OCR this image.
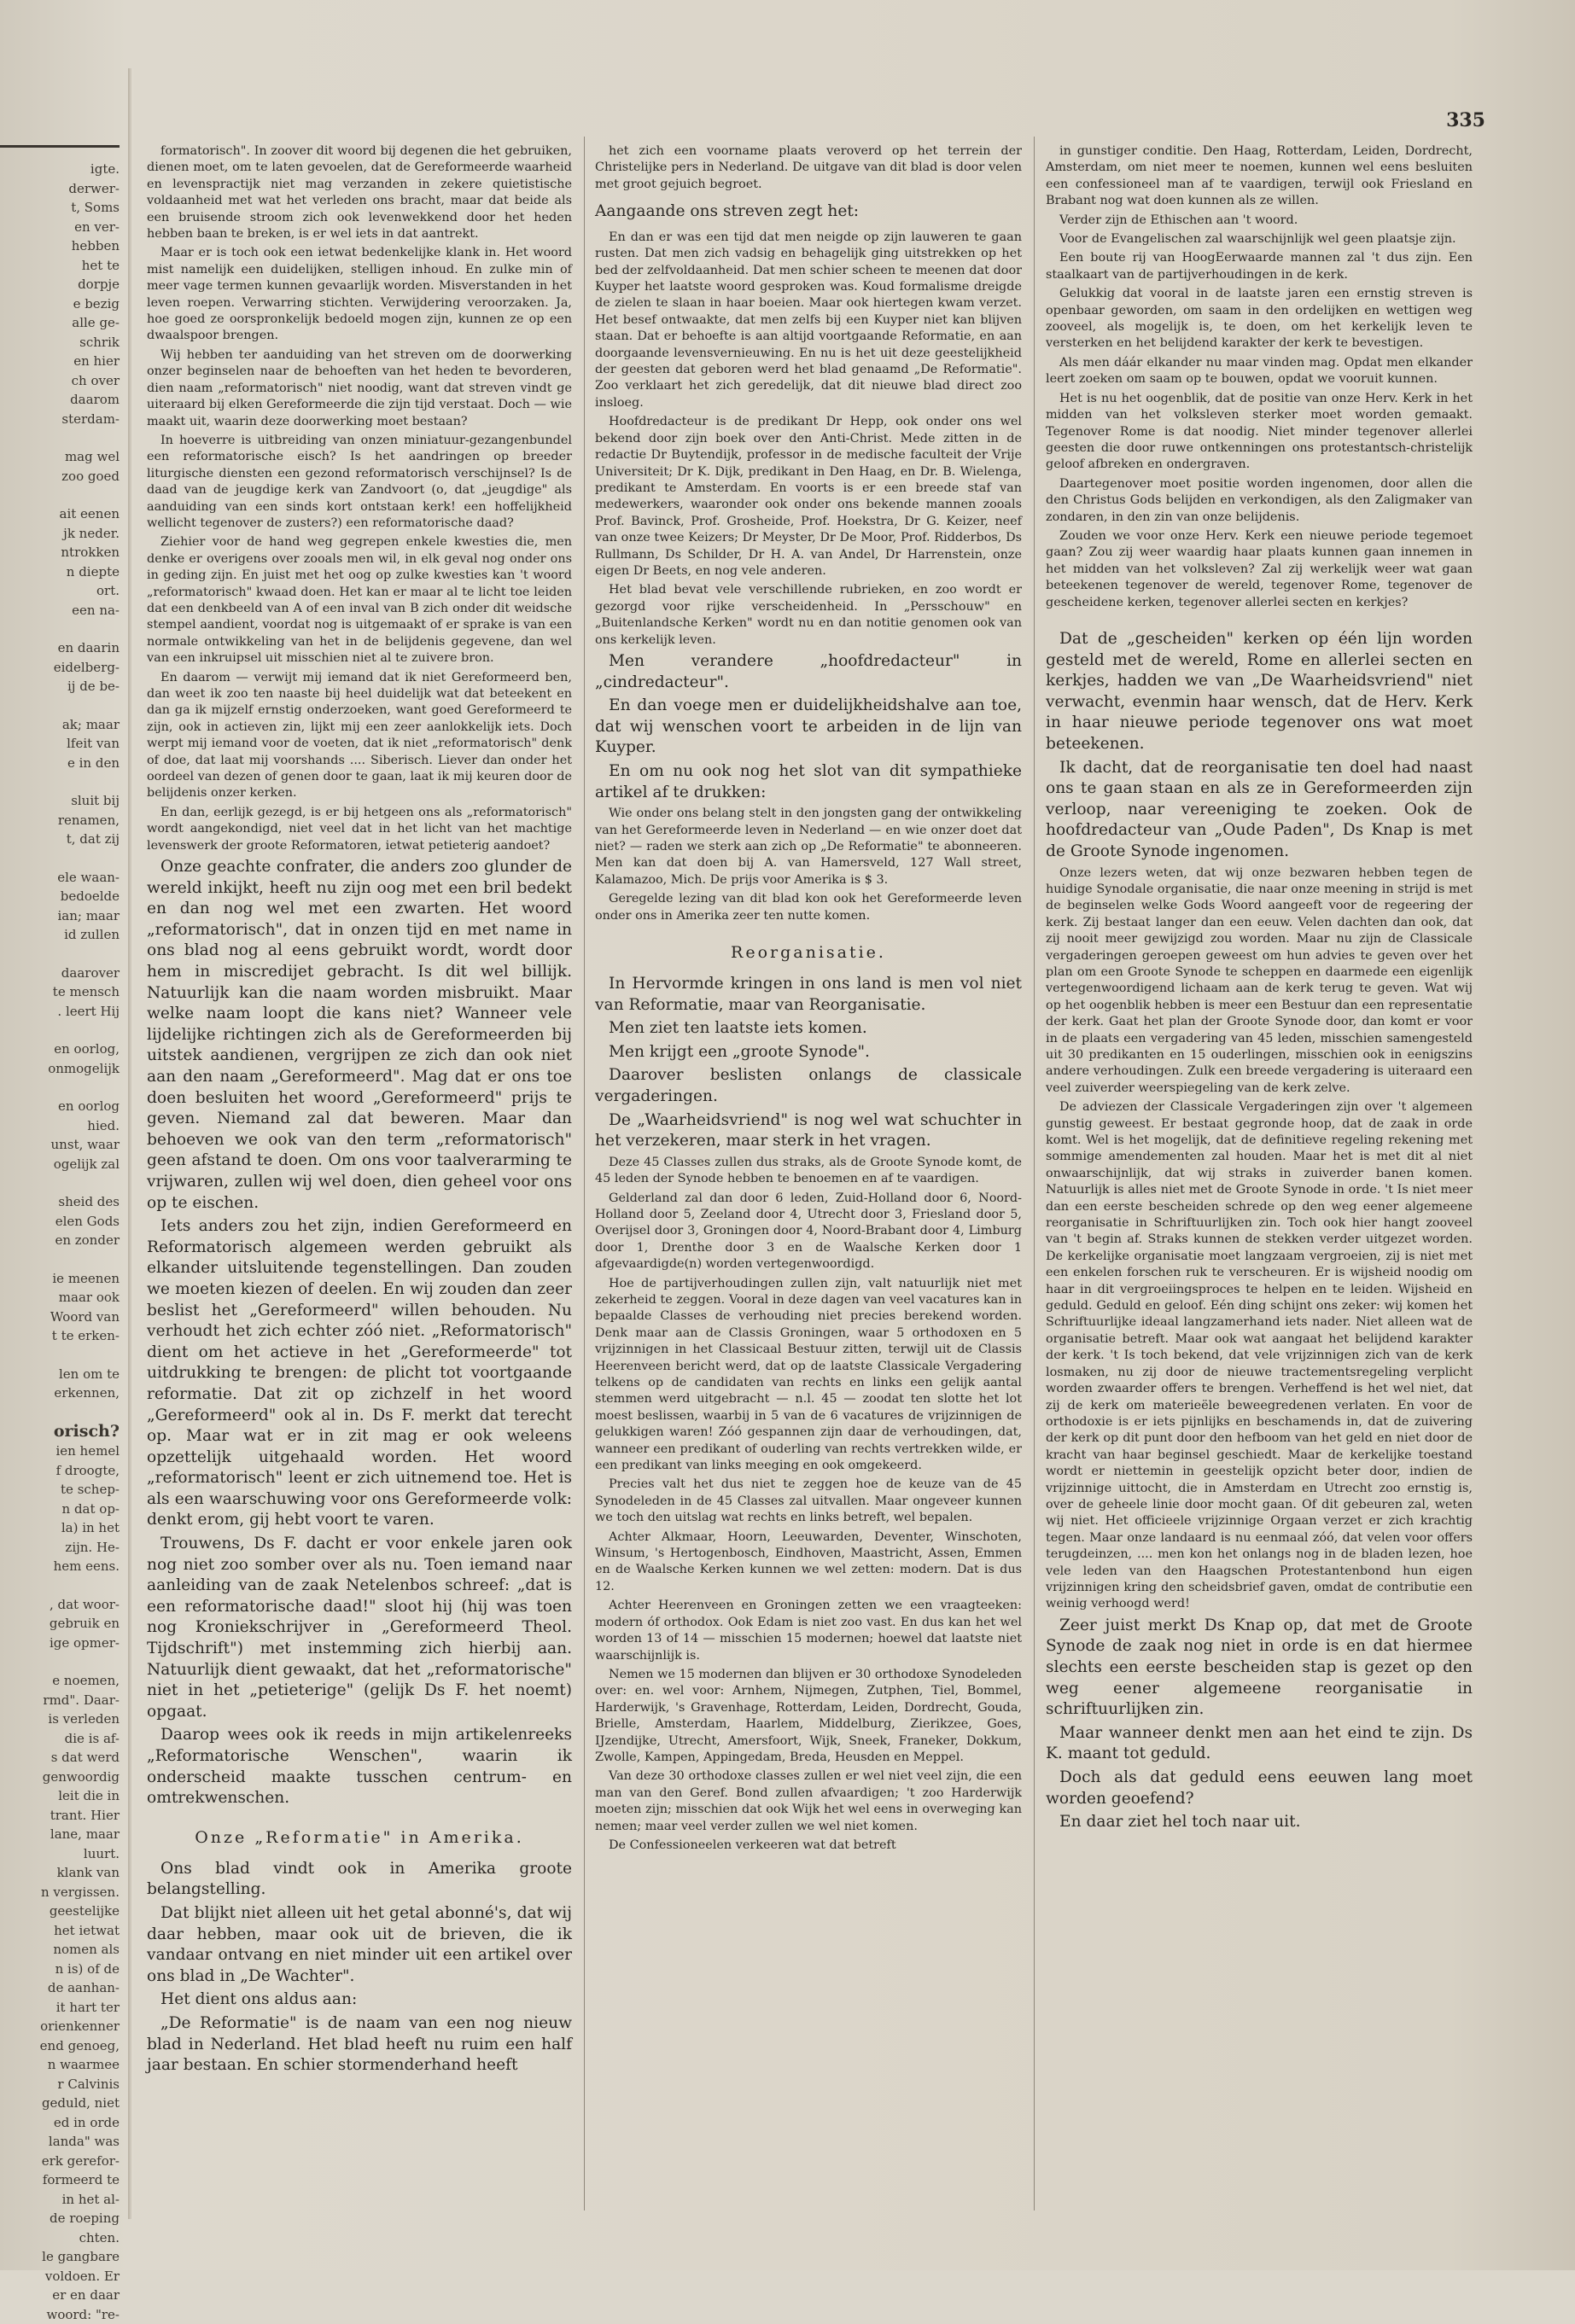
igte.
derwer-
t, Soms
en ver-
hebben
het te
dorpje
e bezig
alle ge-
schrik
en hier
ch over
daarom
sterdam-
mag wel
zoo goed
ait eenen
jk neder.
ntrokken
n diepte
ort.
een na-
en daarin
eidelberg-
ij de be-
ak; maar
lfeit van
e in den
sluit bij
renamen,
t, dat zij
ele waan-
bedoelde
ian; maar
id zullen
daarover
te mensch
. leert Hij
en oorlog,
onmogelijk
en oorlog
hied.
unst, waar
ogelijk zal
sheid des
elen Gods
en zonder
ie meenen
maar ook
Woord van
t te erken-
len om te
erkennen,
orisch?
ien hemel
f droogte,
te schep-
n dat op-
la) in het
zijn. He-
hem eens.
, dat woor-
gebruik en
ige opmer-
e noemen,
rmd". Daar-
is verleden
die is af-
s dat werd
genwoordig
leit die in
trant. Hier
lane, maar
luurt.
klank van
n vergissen.
geestelijke
het ietwat
nomen als
n is) of de
de aanhan-
it hart ter
orienkenner
end genoeg,
n waarmee
r Calvinis
geduld, niet
ed in orde
landa" was
erk gerefor-
formeerd te
in het al-
de roeping
chten.
le gangbare
voldoen. Er
er en daar
woord: "re-
335

formatorisch". In zoover dit woord bij degenen die het gebruiken, dienen moet, om te laten gevoelen, dat de Gereformeerde waarheid en levenspractijk niet mag verzanden in zekere quietistische voldaanheid met wat het verleden ons bracht, maar dat beide als een bruisende stroom zich ook levenwekkend door het heden hebben baan te breken, is er wel iets in dat aantrekt.

Maar er is toch ook een ietwat bedenkelijke klank in. Het woord mist namelijk een duidelijken, stelligen inhoud. En zulke min of meer vage termen kunnen gevaarlijk worden. Misverstanden in het leven roepen. Verwarring stichten. Verwijdering veroorzaken. Ja, hoe goed ze oorspronkelijk bedoeld mogen zijn, kunnen ze op een dwaalspoor brengen.

Wij hebben ter aanduiding van het streven om de doorwerking onzer beginselen naar de behoeften van het heden te bevorderen, dien naam „reformatorisch" niet noodig, want dat streven vindt ge uiteraard bij elken Gereformeerde die zijn tijd verstaat. Doch — wie maakt uit, waarin deze doorwerking moet bestaan?

In hoeverre is uitbreiding van onzen miniatuur-gezangenbundel een reformatorische eisch? Is het aandringen op breeder liturgische diensten een gezond reformatorisch verschijnsel? Is de daad van de jeugdige kerk van Zandvoort (o, dat „jeugdige" als aanduiding van een sinds kort ontstaan kerk! een hoffelijkheid wellicht tegenover de zusters?) een reformatorische daad?

Ziehier voor de hand weg gegrepen enkele kwesties die, men denke er overigens over zooals men wil, in elk geval nog onder ons in geding zijn. En juist met het oog op zulke kwesties kan 't woord „reformatorisch" kwaad doen. Het kan er maar al te licht toe leiden dat een denkbeeld van A of een inval van B zich onder dit weidsche stempel aandient, voordat nog is uitgemaakt of er sprake is van een normale ontwikkeling van het in de belijdenis gegevene, dan wel van een inkruipsel uit misschien niet al te zuivere bron.

En daarom — verwijt mij iemand dat ik niet Gereformeerd ben, dan weet ik zoo ten naaste bij heel duidelijk wat dat beteekent en dan ga ik mijzelf ernstig onderzoeken, want goed Gereformeerd te zijn, ook in actieven zin, lijkt mij een zeer aanlokkelijk iets. Doch werpt mij iemand voor de voeten, dat ik niet „reformatorisch" denk of doe, dat laat mij voorshands .... Siberisch. Liever dan onder het oordeel van dezen of genen door te gaan, laat ik mij keuren door de belijdenis onzer kerken.

En dan, eerlijk gezegd, is er bij hetgeen ons als „reformatorisch" wordt aangekondigd, niet veel dat in het licht van het machtige levenswerk der groote Reformatoren, ietwat petieterig aandoet?

Onze geachte confrater, die anders zoo glunder de wereld inkijkt, heeft nu zijn oog met een bril bedekt en dan nog wel met een zwarten. Het woord „reformatorisch", dat in onzen tijd en met name in ons blad nog al eens gebruikt wordt, wordt door hem in miscredijet gebracht. Is dit wel billijk. Natuurlijk kan die naam worden misbruikt. Maar welke naam loopt die kans niet? Wanneer vele lijdelijke richtingen zich als de Gereformeerden bij uitstek aandienen, vergrijpen ze zich dan ook niet aan den naam „Gereformeerd". Mag dat er ons toe doen besluiten het woord „Gereformeerd" prijs te geven. Niemand zal dat beweren. Maar dan behoeven we ook van den term „reformatorisch" geen afstand te doen. Om ons voor taalverarming te vrijwaren, zullen wij wel doen, dien geheel voor ons op te eischen.

Iets anders zou het zijn, indien Gereformeerd en Reformatorisch algemeen werden gebruikt als elkander uitsluitende tegenstellingen. Dan zouden we moeten kiezen of deelen. En wij zouden dan zeer beslist het „Gereformeerd" willen behouden. Nu verhoudt het zich echter zóó niet. „Reformatorisch" dient om het actieve in het „Gereformeerde" tot uitdrukking te brengen: de plicht tot voortgaande reformatie. Dat zit op zichzelf in het woord „Gereformeerd" ook al in. Ds F. merkt dat terecht op. Maar wat er in zit mag er ook weleens opzettelijk uitgehaald worden. Het woord „reformatorisch" leent er zich uitnemend toe. Het is als een waarschuwing voor ons Gereformeerde volk: denkt erom, gij hebt voort te varen.

Trouwens, Ds F. dacht er voor enkele jaren ook nog niet zoo somber over als nu. Toen iemand naar aanleiding van de zaak Netelenbos schreef: „dat is een reformatorische daad!" sloot hij (hij was toen nog Kroniekschrijver in „Gereformeerd Theol. Tijdschrift") met instemming zich hierbij aan. Natuurlijk dient gewaakt, dat het „reformatorische" niet in het „petieterige" (gelijk Ds F. het noemt) opgaat.

Daarop wees ook ik reeds in mijn artikelenreeks „Reformatorische Wenschen", waarin ik onderscheid maakte tusschen centrum- en omtrekwenschen.

Onze „Reformatie" in Amerika.

Ons blad vindt ook in Amerika groote belangstelling.

Dat blijkt niet alleen uit het getal abonné's, dat wij daar hebben, maar ook uit de brieven, die ik vandaar ontvang en niet minder uit een artikel over ons blad in „De Wachter".

Het dient ons aldus aan:

„De Reformatie" is de naam van een nog nieuw blad in Nederland. Het blad heeft nu ruim een half jaar bestaan. En schier stormenderhand heeft

het zich een voorname plaats veroverd op het terrein der Christelijke pers in Nederland. De uitgave van dit blad is door velen met groot gejuich begroet.

Aangaande ons streven zegt het:

En dan er was een tijd dat men neigde op zijn lauweren te gaan rusten. Dat men zich vadsig en behagelijk ging uitstrekken op het bed der zelfvoldaanheid. Dat men schier scheen te meenen dat door Kuyper het laatste woord gesproken was. Koud formalisme dreigde de zielen te slaan in haar boeien. Maar ook hiertegen kwam verzet. Het besef ontwaakte, dat men zelfs bij een Kuyper niet kan blijven staan. Dat er behoefte is aan altijd voortgaande Reformatie, en aan doorgaande levensvernieuwing. En nu is het uit deze geestelijkheid der geesten dat geboren werd het blad genaamd „De Reformatie". Zoo verklaart het zich geredelijk, dat dit nieuwe blad direct zoo insloeg.

Hoofdredacteur is de predikant Dr Hepp, ook onder ons wel bekend door zijn boek over den Anti-Christ. Mede zitten in de redactie Dr Buytendijk, professor in de medische faculteit der Vrije Universiteit; Dr K. Dijk, predikant in Den Haag, en Dr. B. Wielenga, predikant te Amsterdam. En voorts is er een breede staf van medewerkers, waaronder ook onder ons bekende mannen zooals Prof. Bavinck, Prof. Grosheide, Prof. Hoekstra, Dr G. Keizer, neef van onze twee Keizers; Dr Meyster, Dr De Moor, Prof. Ridderbos, Ds Rullmann, Ds Schilder, Dr H. A. van Andel, Dr Harrenstein, onze eigen Dr Beets, en nog vele anderen.

Het blad bevat vele verschillende rubrieken, en zoo wordt er gezorgd voor rijke verscheidenheid. In „Persschouw" en „Buitenlandsche Kerken" wordt nu en dan notitie genomen ook van ons kerkelijk leven.

Men verandere „hoofdredacteur" in „cindredacteur".

En dan voege men er duidelijkheidshalve aan toe, dat wij wenschen voort te arbeiden in de lijn van Kuyper.

En om nu ook nog het slot van dit sympathieke artikel af te drukken:

Wie onder ons belang stelt in den jongsten gang der ontwikkeling van het Gereformeerde leven in Nederland — en wie onzer doet dat niet? — raden we sterk aan zich op „De Reformatie" te abonneeren. Men kan dat doen bij A. van Hamersveld, 127 Wall street, Kalamazoo, Mich. De prijs voor Amerika is $ 3.

Geregelde lezing van dit blad kon ook het Gereformeerde leven onder ons in Amerika zeer ten nutte komen.

Reorganisatie.

In Hervormde kringen in ons land is men vol niet van Reformatie, maar van Reorganisatie.

Men ziet ten laatste iets komen.

Men krijgt een „groote Synode".

Daarover beslisten onlangs de classicale vergaderingen.

De „Waarheidsvriend" is nog wel wat schuchter in het verzekeren, maar sterk in het vragen.

Deze 45 Classes zullen dus straks, als de Groote Synode komt, de 45 leden der Synode hebben te benoemen en af te vaardigen.

Gelderland zal dan door 6 leden, Zuid-Holland door 6, Noord-Holland door 5, Zeeland door 4, Utrecht door 3, Friesland door 5, Overijsel door 3, Groningen door 4, Noord-Brabant door 4, Limburg door 1, Drenthe door 3 en de Waalsche Kerken door 1 afgevaardigde(n) worden vertegenwoordigd.

Hoe de partijverhoudingen zullen zijn, valt natuurlijk niet met zekerheid te zeggen. Vooral in deze dagen van veel vacatures kan in bepaalde Classes de verhouding niet precies berekend worden. Denk maar aan de Classis Groningen, waar 5 orthodoxen en 5 vrijzinnigen in het Classicaal Bestuur zitten, terwijl uit de Classis Heerenveen bericht werd, dat op de laatste Classicale Vergadering telkens op de candidaten van rechts en links een gelijk aantal stemmen werd uitgebracht — n.l. 45 — zoodat ten slotte het lot moest beslissen, waarbij in 5 van de 6 vacatures de vrijzinnigen de gelukkigen waren! Zóó gespannen zijn daar de verhoudingen, dat, wanneer een predikant of ouderling van rechts vertrekken wilde, er een predikant van links meeging en ook omgekeerd.

Precies valt het dus niet te zeggen hoe de keuze van de 45 Synodeleden in de 45 Classes zal uitvallen. Maar ongeveer kunnen we toch den uitslag wat rechts en links betreft, wel bepalen.

Achter Alkmaar, Hoorn, Leeuwarden, Deventer, Winschoten, Winsum, 's Hertogenbosch, Eindhoven, Maastricht, Assen, Emmen en de Waalsche Kerken kunnen we wel zetten: modern. Dat is dus 12.

Achter Heerenveen en Groningen zetten we een vraagteeken: modern óf orthodox. Ook Edam is niet zoo vast. En dus kan het wel worden 13 of 14 — misschien 15 modernen; hoewel dat laatste niet waarschijnlijk is.

Nemen we 15 modernen dan blijven er 30 orthodoxe Synodeleden over: en. wel voor: Arnhem, Nijmegen, Zutphen, Tiel, Bommel, Harderwijk, 's Gravenhage, Rotterdam, Leiden, Dordrecht, Gouda, Brielle, Amsterdam, Haarlem, Middelburg, Zierikzee, Goes, IJzendijke, Utrecht, Amersfoort, Wijk, Sneek, Franeker, Dokkum, Zwolle, Kampen, Appingedam, Breda, Heusden en Meppel.

Van deze 30 orthodoxe classes zullen er wel niet veel zijn, die een man van den Geref. Bond zullen afvaardigen; 't zoo Harderwijk moeten zijn; misschien dat ook Wijk het wel eens in overweging kan nemen; maar veel verder zullen we wel niet komen.

De Confessioneelen verkeeren wat dat betreft

in gunstiger conditie. Den Haag, Rotterdam, Leiden, Dordrecht, Amsterdam, om niet meer te noemen, kunnen wel eens besluiten een confessioneel man af te vaardigen, terwijl ook Friesland en Brabant nog wat doen kunnen als ze willen.

Verder zijn de Ethischen aan 't woord.

Voor de Evangelischen zal waarschijnlijk wel geen plaatsje zijn.

Een boute rij van HoogEerwaarde mannen zal 't dus zijn. Een staalkaart van de partijverhoudingen in de kerk.

Gelukkig dat vooral in de laatste jaren een ernstig streven is openbaar geworden, om saam in den ordelijken en wettigen weg zooveel, als mogelijk is, te doen, om het kerkelijk leven te versterken en het belijdend karakter der kerk te bevestigen.

Als men dáár elkander nu maar vinden mag. Opdat men elkander leert zoeken om saam op te bouwen, opdat we vooruit kunnen.

Het is nu het oogenblik, dat de positie van onze Herv. Kerk in het midden van het volksleven sterker moet worden gemaakt. Tegenover Rome is dat noodig. Niet minder tegenover allerlei geesten die door ruwe ontkenningen ons protestantsch-christelijk geloof afbreken en ondergraven.

Daartegenover moet positie worden ingenomen, door allen die den Christus Gods belijden en verkondigen, als den Zaligmaker van zondaren, in den zin van onze belijdenis.

Zouden we voor onze Herv. Kerk een nieuwe periode tegemoet gaan? Zou zij weer waardig haar plaats kunnen gaan innemen in het midden van het volksleven? Zal zij werkelijk weer wat gaan beteekenen tegenover de wereld, tegenover Rome, tegenover de gescheidene kerken, tegenover allerlei secten en kerkjes?

Dat de „gescheiden" kerken op één lijn worden gesteld met de wereld, Rome en allerlei secten en kerkjes, hadden we van „De Waarheidsvriend" niet verwacht, evenmin haar wensch, dat de Herv. Kerk in haar nieuwe periode tegenover ons wat moet beteekenen.

Ik dacht, dat de reorganisatie ten doel had naast ons te gaan staan en als ze in Gereformeerden zijn verloop, naar vereeniging te zoeken. Ook de hoofdredacteur van „Oude Paden", Ds Knap is met de Groote Synode ingenomen.

Onze lezers weten, dat wij onze bezwaren hebben tegen de huidige Synodale organisatie, die naar onze meening in strijd is met de beginselen welke Gods Woord aangeeft voor de regeering der kerk. Zij bestaat langer dan een eeuw. Velen dachten dan ook, dat zij nooit meer gewijzigd zou worden. Maar nu zijn de Classicale vergaderingen geroepen geweest om hun advies te geven over het plan om een Groote Synode te scheppen en daarmede een eigenlijk vertegenwoordigend lichaam aan de kerk terug te geven. Wat wij op het oogenblik hebben is meer een Bestuur dan een representatie der kerk. Gaat het plan der Groote Synode door, dan komt er voor in de plaats een vergadering van 45 leden, misschien samengesteld uit 30 predikanten en 15 ouderlingen, misschien ook in eenigszins andere verhoudingen. Zulk een breede vergadering is uiteraard een veel zuiverder weerspiegeling van de kerk zelve.

De adviezen der Classicale Vergaderingen zijn over 't algemeen gunstig geweest. Er bestaat gegronde hoop, dat de zaak in orde komt. Wel is het mogelijk, dat de definitieve regeling rekening met sommige amendementen zal houden. Maar het is met dit al niet onwaarschijnlijk, dat wij straks in zuiverder banen komen. Natuurlijk is alles niet met de Groote Synode in orde. 't Is niet meer dan een eerste bescheiden schrede op den weg eener algemeene reorganisatie in Schriftuurlijken zin. Toch ook hier hangt zooveel van 't begin af. Straks kunnen de stekken verder uitgezet worden. De kerkelijke organisatie moet langzaam vergroeien, zij is niet met een enkelen forschen ruk te verscheuren. Er is wijsheid noodig om haar in dit vergroeiingsproces te helpen en te leiden. Wijsheid en geduld. Geduld en geloof. Eén ding schijnt ons zeker: wij komen het Schriftuurlijke ideaal langzamerhand iets nader. Niet alleen wat de organisatie betreft. Maar ook wat aangaat het belijdend karakter der kerk. 't Is toch bekend, dat vele vrijzinnigen zich van de kerk losmaken, nu zij door de nieuwe tractementsregeling verplicht worden zwaarder offers te brengen. Verheffend is het wel niet, dat zij de kerk om materieële beweegredenen verlaten. En voor de orthodoxie is er iets pijnlijks en beschamends in, dat de zuivering der kerk op dit punt door den hefboom van het geld en niet door de kracht van haar beginsel geschiedt. Maar de kerkelijke toestand wordt er niettemin in geestelijk opzicht beter door, indien de vrijzinnige uittocht, die in Amsterdam en Utrecht zoo ernstig is, over de geheele linie door mocht gaan. Of dit gebeuren zal, weten wij niet. Het officieele vrijzinnige Orgaan verzet er zich krachtig tegen. Maar onze landaard is nu eenmaal zóó, dat velen voor offers terugdeinzen, .... men kon het onlangs nog in de bladen lezen, hoe vele leden van den Haagschen Protestantenbond hun eigen vrijzinnigen kring den scheidsbrief gaven, omdat de contributie een weinig verhoogd werd!

Zeer juist merkt Ds Knap op, dat met de Groote Synode de zaak nog niet in orde is en dat hiermee slechts een eerste bescheiden stap is gezet op den weg eener algemeene reorganisatie in schriftuurlijken zin.

Maar wanneer denkt men aan het eind te zijn. Ds K. maant tot geduld.

Doch als dat geduld eens eeuwen lang moet worden geoefend?

En daar ziet hel toch naar uit.
